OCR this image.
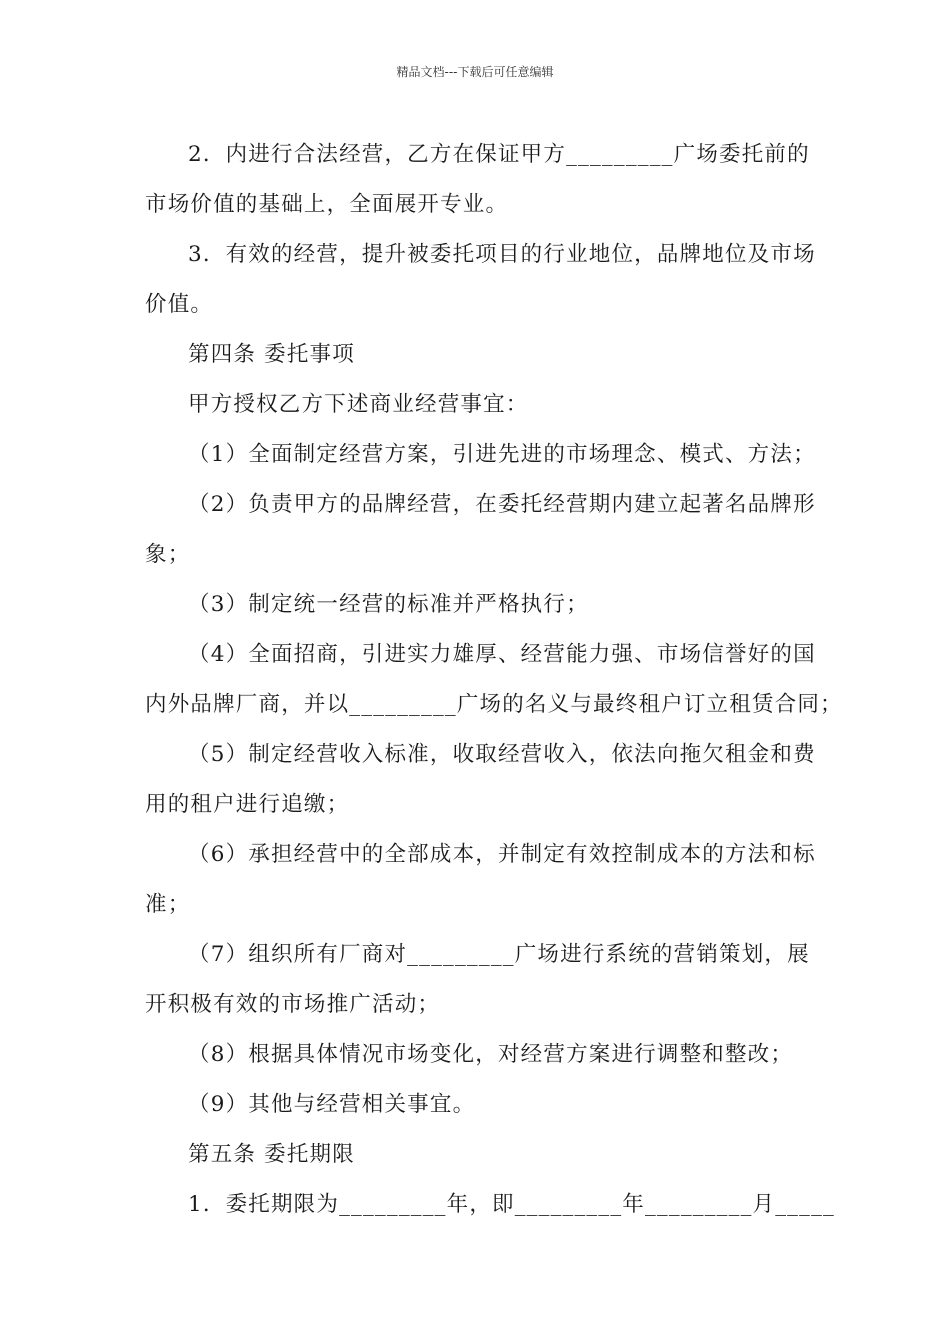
精品文档---下载后可任意编辑

2．内进行合法经营，乙方在保证甲方_________广场委托前的

市场价值的基础上，全面展开专业。

3．有效的经营，提升被委托项目的行业地位，品牌地位及市场

价值。

第四条 委托事项

甲方授权乙方下述商业经营事宜：

（1）全面制定经营方案，引进先进的市场理念、模式、方法；

（2）负责甲方的品牌经营，在委托经营期内建立起著名品牌形

象；

（3）制定统一经营的标准并严格执行；

（4）全面招商，引进实力雄厚、经营能力强、市场信誉好的国

内外品牌厂商，并以_________广场的名义与最终租户订立租赁合同；

（5）制定经营收入标准，收取经营收入，依法向拖欠租金和费

用的租户进行追缴；

（6）承担经营中的全部成本，并制定有效控制成本的方法和标

准；

（7）组织所有厂商对_________广场进行系统的营销策划，展

开积极有效的市场推广活动；

（8）根据具体情况市场变化，对经营方案进行调整和整改；

（9）其他与经营相关事宜。

第五条 委托期限

1．委托期限为_________年，即_________年_________月_____
